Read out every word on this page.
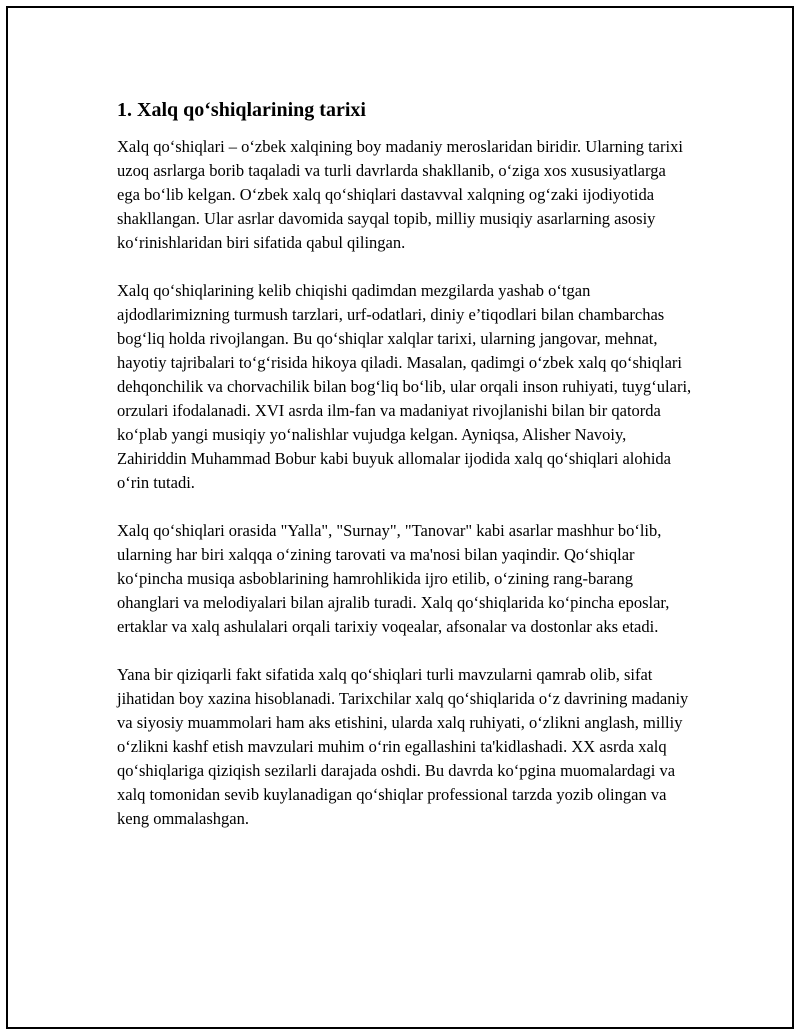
1. Xalq qo‘shiqlarining tarixi

Xalq qo‘shiqlari – o‘zbek xalqining boy madaniy meroslaridan biridir. Ularning tarixi uzoq asrlarga borib taqaladi va turli davrlarda shakllanib, o‘ziga xos xususiyatlarga ega bo‘lib kelgan. O‘zbek xalq qo‘shiqlari dastavval xalqning og‘zaki ijodiyotida shakllangan. Ular asrlar davomida sayqal topib, milliy musiqiy asarlarning asosiy ko‘rinishlaridan biri sifatida qabul qilingan.

Xalq qo‘shiqlarining kelib chiqishi qadimdan mezgilarda yashab o‘tgan ajdodlarimizning turmush tarzlari, urf-odatlari, diniy e’tiqodlari bilan chambarchas bog‘liq holda rivojlangan. Bu qo‘shiqlar xalqlar tarixi, ularning jangovar, mehnat, hayotiy tajribalari to‘g‘risida hikoya qiladi. Masalan, qadimgi o‘zbek xalq qo‘shiqlari dehqonchilik va chorvachilik bilan bog‘liq bo‘lib, ular orqali inson ruhiyati, tuyg‘ulari, orzulari ifodalanadi. XVI asrda ilm-fan va madaniyat rivojlanishi bilan bir qatorda ko‘plab yangi musiqiy yo‘nalishlar vujudga kelgan. Ayniqsa, Alisher Navoiy, Zahiriddin Muhammad Bobur kabi buyuk allomalar ijodida xalq qo‘shiqlari alohida o‘rin tutadi.

Xalq qo‘shiqlari orasida "Yalla", "Surnay", "Tanovar" kabi asarlar mashhur bo‘lib, ularning har biri xalqqa o‘zining tarovati va ma'nosi bilan yaqindir. Qo‘shiqlar ko‘pincha musiqa asboblarining hamrohlikida ijro etilib, o‘zining rang-barang ohanglari va melodiyalari bilan ajralib turadi. Xalq qo‘shiqlarida ko‘pincha eposlar, ertaklar va xalq ashulalari orqali tarixiy voqealar, afsonalar va dostonlar aks etadi.

Yana bir qiziqarli fakt sifatida xalq qo‘shiqlari turli mavzularni qamrab olib, sifat jihatidan boy xazina hisoblanadi. Tarixchilar xalq qo‘shiqlarida o‘z davrining madaniy va siyosiy muammolari ham aks etishini, ularda xalq ruhiyati, o‘zlikni anglash, milliy o‘zlikni kashf etish mavzulari muhim o‘rin egallashini ta'kidlashadi. XX asrda xalq qo‘shiqlariga qiziqish sezilarli darajada oshdi. Bu davrda ko‘pgina muomalardagi va xalq tomonidan sevib kuylanadigan qo‘shiqlar professional tarzda yozib olingan va keng ommalashgan.
